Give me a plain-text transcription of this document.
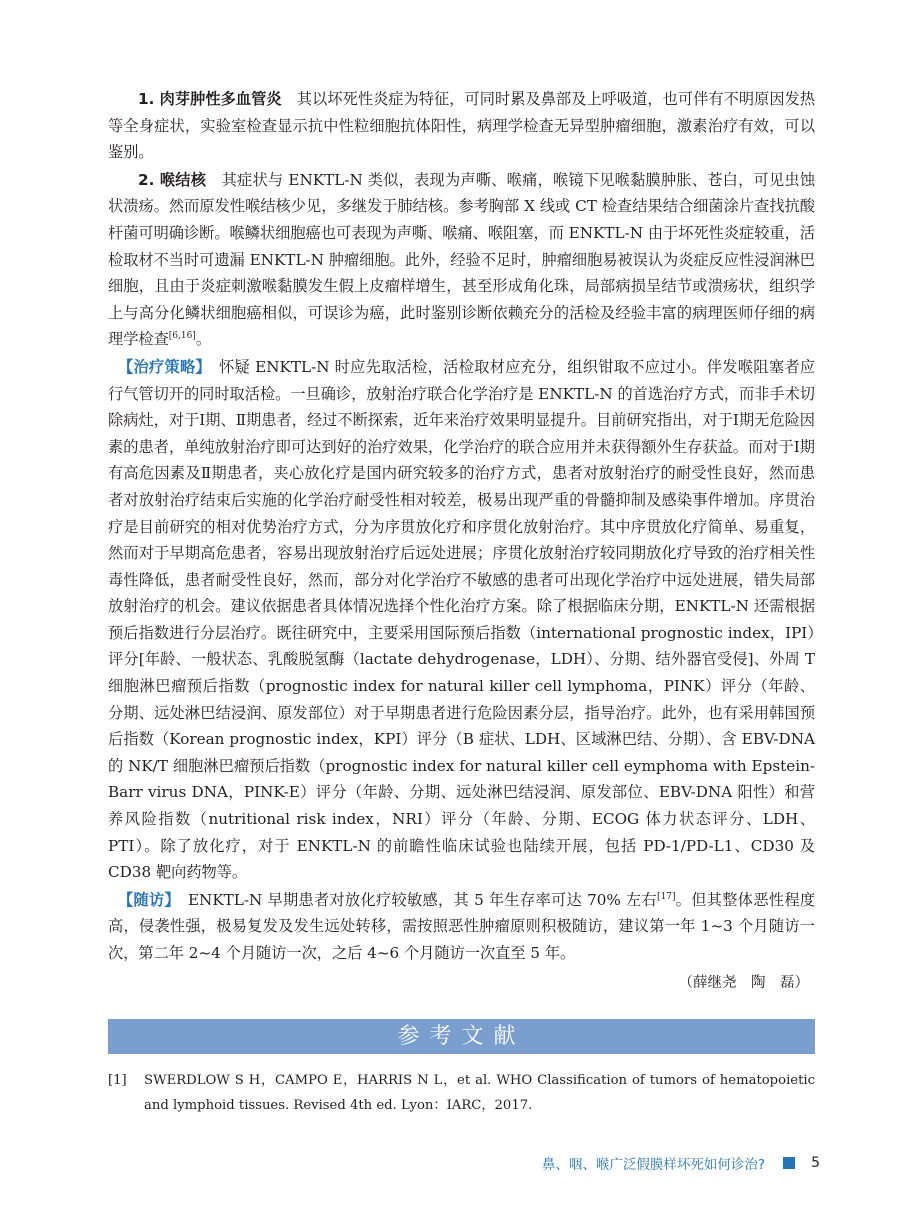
1. 肉芽肿性多血管炎　 其以坏死性炎症为特征，可同时累及鼻部及上呼吸道，也可伴有不明原因发热等全身症状，实验室检查显示抗中性粒细胞抗体阳性，病理学检查无异型肿瘤细胞，激素治疗有效，可以鉴别。

2. 喉结核　 其症状与 ENKTL-N 类似，表现为声嘶、喉痛，喉镜下见喉黏膜肿胀、苍白，可见虫蚀状溃疡。然而原发性喉结核少见，多继发于肺结核。参考胸部 X 线或 CT 检查结果结合细菌涂片查找抗酸杆菌可明确诊断。喉鳞状细胞癌也可表现为声嘶、喉痛、喉阻塞，而 ENKTL-N 由于坏死性炎症较重，活检取材不当时可遗漏 ENKTL-N 肿瘤细胞。此外，经验不足时，肿瘤细胞易被误认为炎症反应性浸润淋巴细胞，且由于炎症刺激喉黏膜发生假上皮瘤样增生，甚至形成角化珠，局部病损呈结节或溃疡状，组织学上与高分化鳞状细胞癌相似，可误诊为癌，此时鉴别诊断依赖充分的活检及经验丰富的病理医师仔细的病理学检查[6,16]。

【治疗策略】　 怀疑 ENKTL-N 时应先取活检，活检取材应充分，组织钳取不应过小。伴发喉阻塞者应行气管切开的同时取活检。一旦确诊，放射治疗联合化学治疗是 ENKTL-N 的首选治疗方式，而非手术切除病灶，对于Ⅰ期、Ⅱ期患者，经过不断探索，近年来治疗效果明显提升。目前研究指出，对于Ⅰ期无危险因素的患者，单纯放射治疗即可达到好的治疗效果，化学治疗的联合应用并未获得额外生存获益。而对于Ⅰ期有高危因素及Ⅱ期患者，夹心放化疗是国内研究较多的治疗方式，患者对放射治疗的耐受性良好，然而患者对放射治疗结束后实施的化学治疗耐受性相对较差，极易出现严重的骨髓抑制及感染事件增加。序贯治疗是目前研究的相对优势治疗方式，分为序贯放化疗和序贯化放射治疗。其中序贯放化疗简单、易重复，然而对于早期高危患者，容易出现放射治疗后远处进展；序贯化放射治疗较同期放化疗导致的治疗相关性毒性降低，患者耐受性良好，然而，部分对化学治疗不敏感的患者可出现化学治疗中远处进展，错失局部放射治疗的机会。建议依据患者具体情况选择个性化治疗方案。除了根据临床分期，ENKTL-N 还需根据预后指数进行分层治疗。既往研究中，主要采用国际预后指数（international prognostic index，IPI）评分[年龄、一般状态、乳酸脱氢酶（lactate dehydrogenase，LDH）、分期、结外器官受侵]、外周 T 细胞淋巴瘤预后指数（prognostic index for natural killer cell lymphoma，PINK）评分（年龄、分期、远处淋巴结浸润、原发部位）对于早期患者进行危险因素分层，指导治疗。此外，也有采用韩国预后指数（Korean prognostic index，KPI）评分（B 症状、LDH、区域淋巴结、分期）、含 EBV-DNA 的 NK/T 细胞淋巴瘤预后指数（prognostic index for natural killer cell eymphoma with Epstein-Barr virus DNA，PINK-E）评分（年龄、分期、远处淋巴结浸润、原发部位、EBV-DNA 阳性）和营养风险指数（nutritional risk index，NRI）评分（年龄、分期、ECOG 体力状态评分、LDH、PTI）。除了放化疗，对于 ENKTL-N 的前瞻性临床试验也陆续开展，包括 PD-1/PD-L1、CD30 及 CD38 靶向药物等。

【随访】　 ENKTL-N 早期患者对放化疗较敏感，其 5 年生存率可达 70% 左右[17]。但其整体恶性程度高，侵袭性强，极易复发及发生远处转移，需按照恶性肿瘤原则积极随访，建议第一年 1~3 个月随访一次，第二年 2~4 个月随访一次，之后 4~6 个月随访一次直至 5 年。

（薛继尧　陶　磊）
参考文献
[1]	SWERDLOW S H，CAMPO E，HARRIS N L，et al. WHO Classification of tumors of hematopoietic and lymphoid tissues. Revised 4th ed. Lyon：IARC，2017.
鼻、咽、喉广泛假膜样坏死如何诊治?	5
